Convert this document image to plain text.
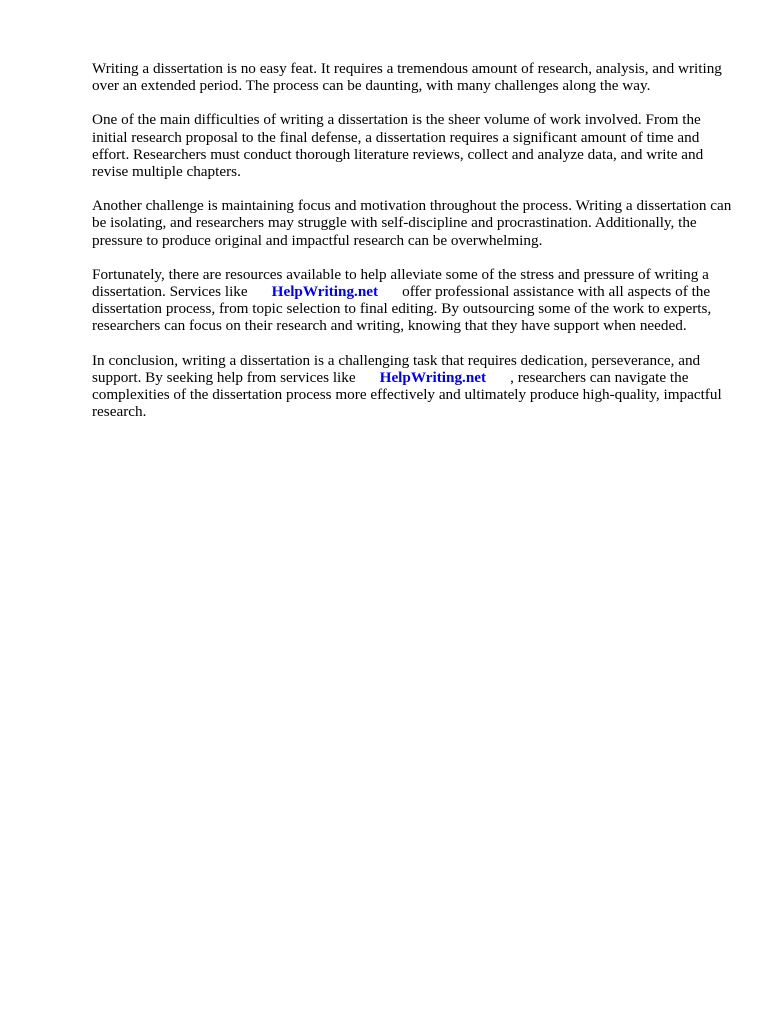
Writing a dissertation is no easy feat. It requires a tremendous amount of research, analysis, and writing over an extended period. The process can be daunting, with many challenges along the way.

One of the main difficulties of writing a dissertation is the sheer volume of work involved. From the initial research proposal to the final defense, a dissertation requires a significant amount of time and effort. Researchers must conduct thorough literature reviews, collect and analyze data, and write and revise multiple chapters.

Another challenge is maintaining focus and motivation throughout the process. Writing a dissertation can be isolating, and researchers may struggle with self-discipline and procrastination. Additionally, the pressure to produce original and impactful research can be overwhelming.

Fortunately, there are resources available to help alleviate some of the stress and pressure of writing a dissertation. Services like HelpWriting.net offer professional assistance with all aspects of the dissertation process, from topic selection to final editing. By outsourcing some of the work to experts, researchers can focus on their research and writing, knowing that they have support when needed.

In conclusion, writing a dissertation is a challenging task that requires dedication, perseverance, and support. By seeking help from services like HelpWriting.net , researchers can navigate the complexities of the dissertation process more effectively and ultimately produce high-quality, impactful research.
